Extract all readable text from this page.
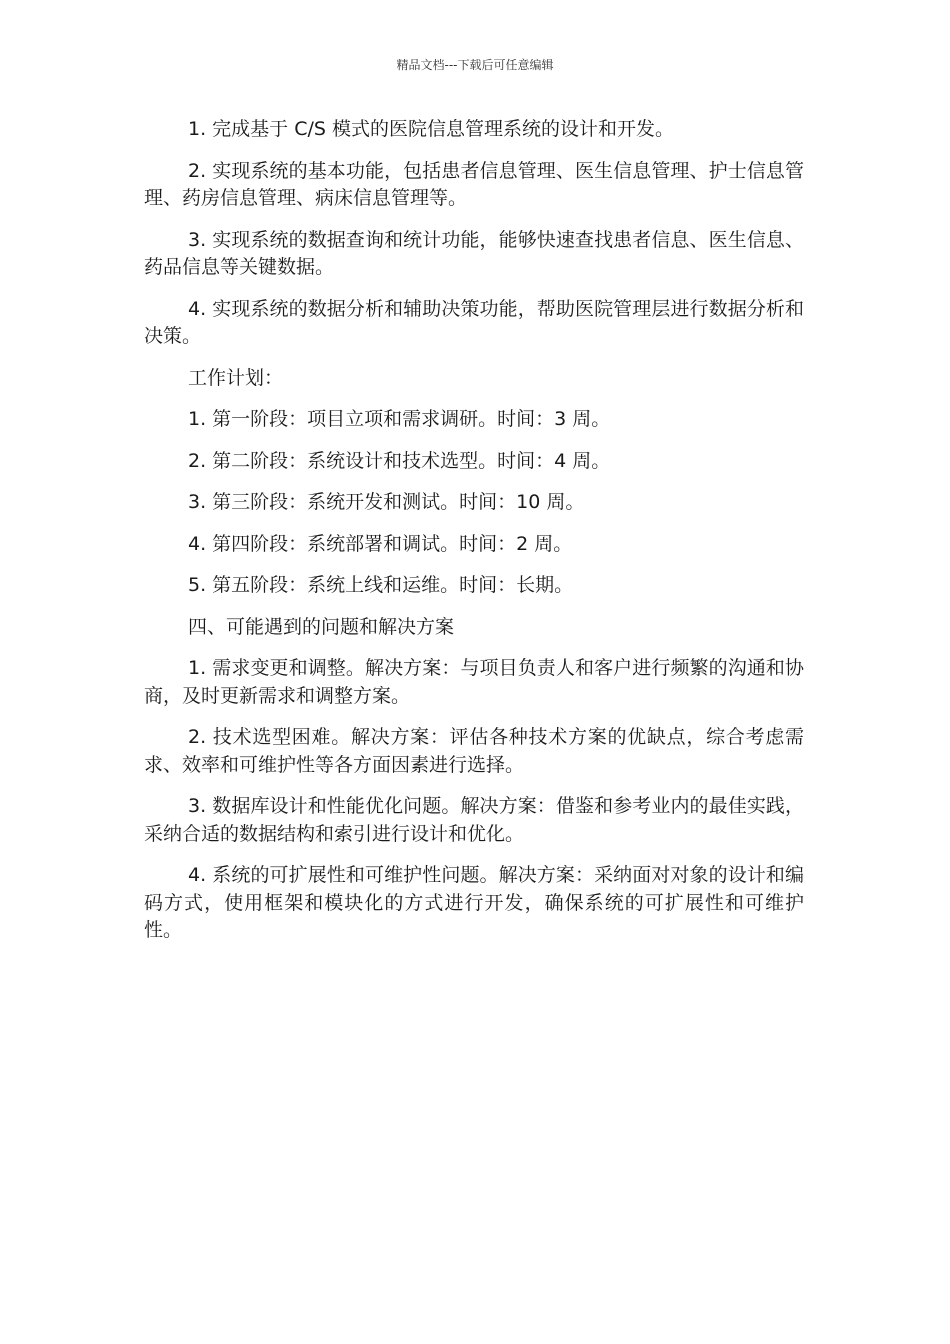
精品文档---下载后可任意编辑

1. 完成基于 C/S 模式的医院信息管理系统的设计和开发。

2. 实现系统的基本功能，包括患者信息管理、医生信息管理、护士信息管理、药房信息管理、病床信息管理等。

3. 实现系统的数据查询和统计功能，能够快速查找患者信息、医生信息、药品信息等关键数据。

4. 实现系统的数据分析和辅助决策功能，帮助医院管理层进行数据分析和决策。

工作计划：

1. 第一阶段：项目立项和需求调研。时间：3 周。

2. 第二阶段：系统设计和技术选型。时间：4 周。

3. 第三阶段：系统开发和测试。时间：10 周。

4. 第四阶段：系统部署和调试。时间：2 周。

5. 第五阶段：系统上线和运维。时间：长期。

四、可能遇到的问题和解决方案

1. 需求变更和调整。解决方案：与项目负责人和客户进行频繁的沟通和协商，及时更新需求和调整方案。

2. 技术选型困难。解决方案：评估各种技术方案的优缺点，综合考虑需求、效率和可维护性等各方面因素进行选择。

3. 数据库设计和性能优化问题。解决方案：借鉴和参考业内的最佳实践，采纳合适的数据结构和索引进行设计和优化。

4. 系统的可扩展性和可维护性问题。解决方案：采纳面对对象的设计和编码方式，使用框架和模块化的方式进行开发，确保系统的可扩展性和可维护性。
